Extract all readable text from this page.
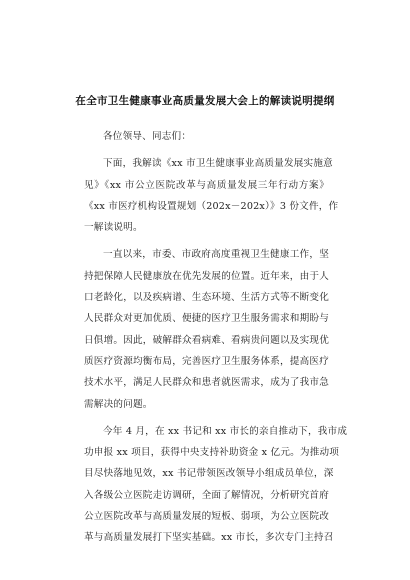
在全市卫生健康事业高质量发展大会上的解读说明提纲
各位领导、同志们：
下面，我解读《xx 市卫生健康事业高质量发展实施意
见》《xx 市公立医院改革与高质量发展三年行动方案》
《xx 市医疗机构设置规划（202x－202x）》3 份文件，作
一解读说明。
一直以来，市委、市政府高度重视卫生健康工作，坚
持把保障人民健康放在优先发展的位置。近年来，由于人
口老龄化，以及疾病谱、生态环境、生活方式等不断变化
人民群众对更加优质、便捷的医疗卫生服务需求和期盼与
日俱增。因此，破解群众看病难、看病贵问题以及实现优
质医疗资源均衡布局，完善医疗卫生服务体系，提高医疗
技术水平，满足人民群众和患者就医需求，成为了我市急
需解决的问题。
今年 4 月，在 xx 书记和 xx 市长的亲自推动下，我市成
功申报 xx 项目，获得中央支持补助资金 x 亿元。为推动项
目尽快落地见效，xx 书记带领医改领导小组成员单位，深
入各级公立医院走访调研，全面了解情况，分析研究首府
公立医院改革与高质量发展的短板、弱项，为公立医院改
革与高质量发展打下坚实基础。xx 市长，多次专门主持召
